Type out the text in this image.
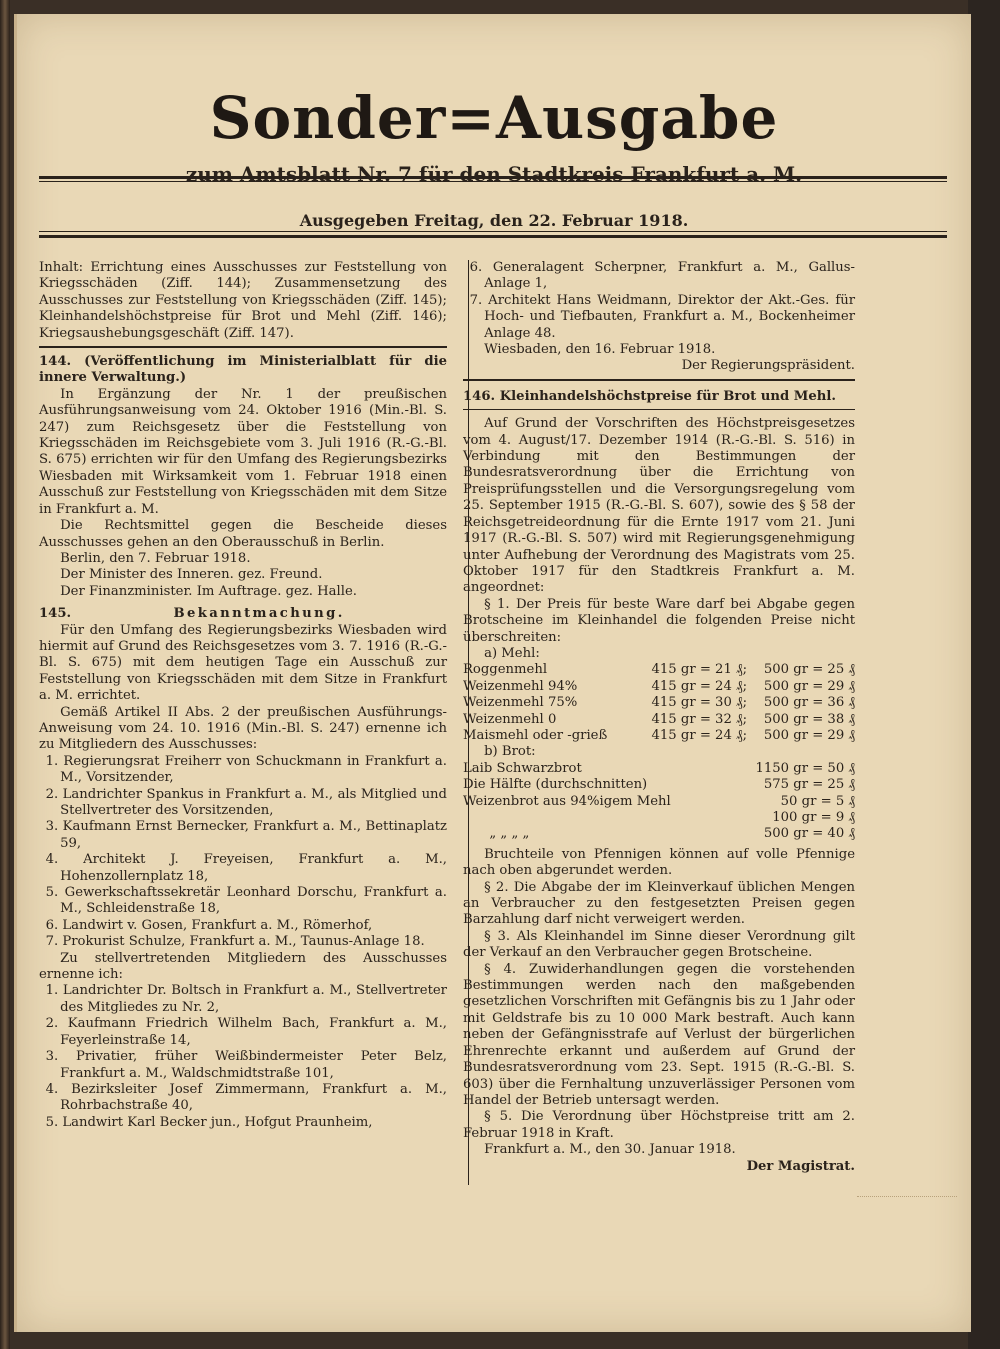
Sonder=Ausgabe
zum Amtsblatt Nr. 7 für den Stadtkreis Frankfurt a. M.
Ausgegeben Freitag, den 22. Februar 1918.

Inhalt: Errichtung eines Ausschusses zur Feststellung von Kriegsschäden (Ziff. 144); Zusammensetzung des Ausschusses zur Feststellung von Kriegsschäden (Ziff. 145); Kleinhandelshöchstpreise für Brot und Mehl (Ziff. 146); Kriegsaushebungsgeschäft (Ziff. 147).

144. (Veröffentlichung im Ministerialblatt für die innere Verwaltung.)

In Ergänzung der Nr. 1 der preußischen Ausführungsanweisung vom 24. Oktober 1916 (Min.-Bl. S. 247) zum Reichsgesetz über die Feststellung von Kriegsschäden im Reichsgebiete vom 3. Juli 1916 (R.-G.-Bl. S. 675) errichten wir für den Umfang des Regierungsbezirks Wiesbaden mit Wirksamkeit vom 1. Februar 1918 einen Ausschuß zur Feststellung von Kriegsschäden mit dem Sitze in Frankfurt a. M.

Die Rechtsmittel gegen die Bescheide dieses Ausschusses gehen an den Oberausschuß in Berlin.

Berlin, den 7. Februar 1918.

Der Minister des Inneren. gez. Freund.

Der Finanzminister. Im Auftrage. gez. Halle.

145.	Bekanntmachung.

Für den Umfang des Regierungsbezirks Wiesbaden wird hiermit auf Grund des Reichsgesetzes vom 3. 7. 1916 (R.-G.-Bl. S. 675) mit dem heutigen Tage ein Ausschuß zur Feststellung von Kriegsschäden mit dem Sitze in Frankfurt a. M. errichtet.

Gemäß Artikel II Abs. 2 der preußischen Ausführungs-Anweisung vom 24. 10. 1916 (Min.-Bl. S. 247) ernenne ich zu Mitgliedern des Ausschusses:

1. Regierungsrat Freiherr von Schuckmann in Frankfurt a. M., Vorsitzender,

2. Landrichter Spankus in Frankfurt a. M., als Mitglied und Stellvertreter des Vorsitzenden,

3. Kaufmann Ernst Bernecker, Frankfurt a. M., Bettinaplatz 59,

4. Architekt J. Freyeisen, Frankfurt a. M., Hohenzollernplatz 18,

5. Gewerkschaftssekretär Leonhard Dorschu, Frankfurt a. M., Schleidenstraße 18,

6. Landwirt v. Gosen, Frankfurt a. M., Römerhof,

7. Prokurist Schulze, Frankfurt a. M., Taunus-Anlage 18.

Zu stellvertretenden Mitgliedern des Ausschusses ernenne ich:

1. Landrichter Dr. Boltsch in Frankfurt a. M., Stellvertreter des Mitgliedes zu Nr. 2,

2. Kaufmann Friedrich Wilhelm Bach, Frankfurt a. M., Feyerleinstraße 14,

3. Privatier, früher Weißbindermeister Peter Belz, Frankfurt a. M., Waldschmidtstraße 101,

4. Bezirksleiter Josef Zimmermann, Frankfurt a. M., Rohrbachstraße 40,

5. Landwirt Karl Becker jun., Hofgut Praunheim,

6. Generalagent Scherpner, Frankfurt a. M., Gallus-Anlage 1,

7. Architekt Hans Weidmann, Direktor der Akt.-Ges. für Hoch- und Tiefbauten, Frankfurt a. M., Bockenheimer Anlage 48.

Wiesbaden, den 16. Februar 1918.

Der Regierungspräsident.

146. Kleinhandelshöchstpreise für Brot und Mehl.

Auf Grund der Vorschriften des Höchstpreisgesetzes vom 4. August/17. Dezember 1914 (R.-G.-Bl. S. 516) in Verbindung mit den Bestimmungen der Bundesratsverordnung über die Errichtung von Preisprüfungsstellen und die Versorgungsregelung vom 25. September 1915 (R.-G.-Bl. S. 607), sowie des § 58 der Reichsgetreideordnung für die Ernte 1917 vom 21. Juni 1917 (R.-G.-Bl. S. 507) wird mit Regierungsgenehmigung unter Aufhebung der Verordnung des Magistrats vom 25. Oktober 1917 für den Stadtkreis Frankfurt a. M. angeordnet:

§ 1. Der Preis für beste Ware darf bei Abgabe gegen Brotscheine im Kleinhandel die folgenden Preise nicht überschreiten:

a) Mehl:

Roggenmehl	415 gr = 21 ₰;	500 gr = 25 ₰
Weizenmehl 94%	415 gr = 24 ₰;	500 gr = 29 ₰
Weizenmehl 75%	415 gr = 30 ₰;	500 gr = 36 ₰
Weizenmehl 0	415 gr = 32 ₰;	500 gr = 38 ₰
Maismehl oder -grieß	415 gr = 24 ₰;	500 gr = 29 ₰

b) Brot:

Laib Schwarzbrot	1150 gr = 50 ₰
Die Hälfte (durchschnitten)	575 gr = 25 ₰
Weizenbrot aus 94%igem Mehl	50 gr = 5 ₰
	100 gr = 9 ₰
„ „ „ „	500 gr = 40 ₰

Bruchteile von Pfennigen können auf volle Pfennige nach oben abgerundet werden.

§ 2. Die Abgabe der im Kleinverkauf üblichen Mengen an Verbraucher zu den festgesetzten Preisen gegen Barzahlung darf nicht verweigert werden.

§ 3. Als Kleinhandel im Sinne dieser Verordnung gilt der Verkauf an den Verbraucher gegen Brotscheine.

§ 4. Zuwiderhandlungen gegen die vorstehenden Bestimmungen werden nach den maßgebenden gesetzlichen Vorschriften mit Gefängnis bis zu 1 Jahr oder mit Geldstrafe bis zu 10 000 Mark bestraft. Auch kann neben der Gefängnisstrafe auf Verlust der bürgerlichen Ehrenrechte erkannt und außerdem auf Grund der Bundesratsverordnung vom 23. Sept. 1915 (R.-G.-Bl. S. 603) über die Fernhaltung unzuverlässiger Personen vom Handel der Betrieb untersagt werden.

§ 5. Die Verordnung über Höchstpreise tritt am 2. Februar 1918 in Kraft.

Frankfurt a. M., den 30. Januar 1918.

Der Magistrat.
